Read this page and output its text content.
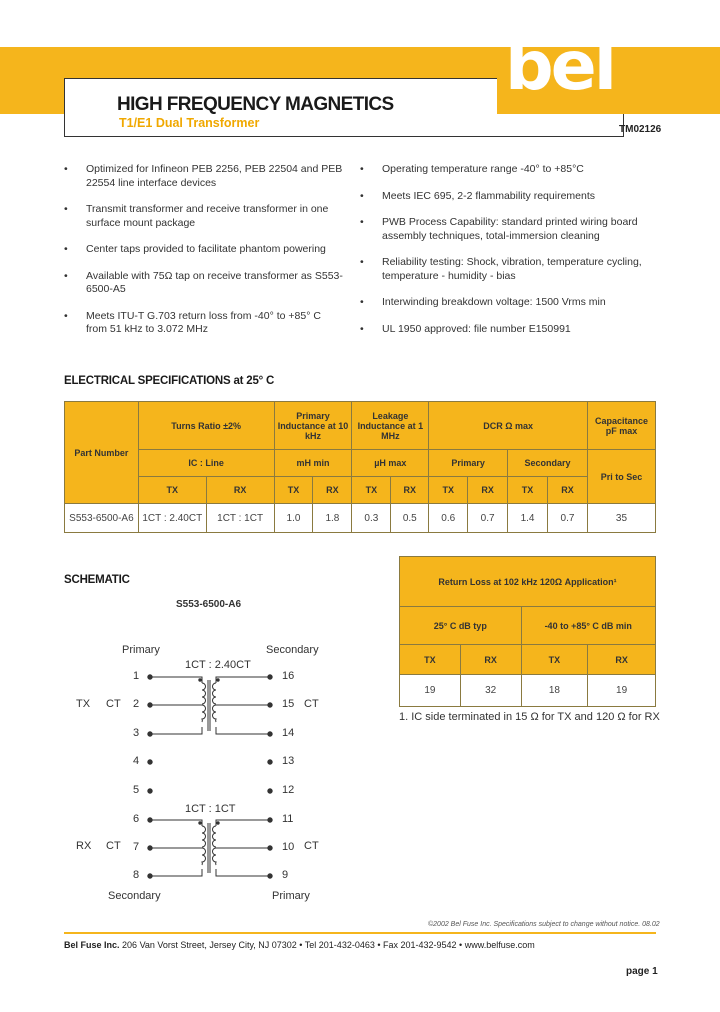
HIGH FREQUENCY MAGNETICS
T1/E1 Dual Transformer
bel
TM02126
• Optimized for Infineon PEB 2256, PEB 22504 and PEB 22554 line interface devices
• Transmit transformer and receive transformer in one surface mount package
• Center taps provided to facilitate phantom powering
• Available with 75Ω tap on receive transformer as S553-6500-A5
• Meets ITU-T G.703 return loss from -40° to +85° C from 51 kHz to 3.072 MHz
• Operating temperature range -40° to +85°C
• Meets IEC 695, 2-2 flammability requirements
• PWB Process Capability: standard printed wiring board assembly techniques, total-immersion cleaning
• Reliability testing: Shock, vibration, temperature cycling, temperature - humidity - bias
• Interwinding breakdown voltage: 1500 Vrms min
• UL 1950 approved: file number E150991
ELECTRICAL SPECIFICATIONS at 25° C
Part Number	Turns Ratio ±2%		Primary Inductance at 10 kHz		Leakage Inductance at 1 MHz		DCR Ω max				Capacitance pF max
	IC : Line		mH min		µH max		Primary		Secondary		Pri to Sec
	TX	RX	TX	RX	TX	RX	TX	RX	TX	RX	
S553-6500-A6	1CT : 2.40CT	1CT : 1CT	1.0	1.8	0.3	0.5	0.6	0.7	1.4	0.7	35
SCHEMATIC
S553-6500-A6
Primary	Secondary
1CT : 2.40CT
1CT : 1CT
Secondary	Primary
TX CT	CT
RX CT	CT
1
2
3
4
5
6
7
8
16
15
14
13
12
11
10
9
Return Loss at 102 kHz 120Ω Application¹			
25° C dB typ		-40 to +85° C dB min	
TX	RX	TX	RX
19	32	18	19
1. IC side terminated in 15 Ω for TX and 120 Ω for RX
©2002 Bel Fuse Inc. Specifications subject to change without notice. 08.02
Bel Fuse Inc. 206 Van Vorst Street, Jersey City, NJ 07302 • Tel 201-432-0463 • Fax 201-432-9542 • www.belfuse.com
page 1
